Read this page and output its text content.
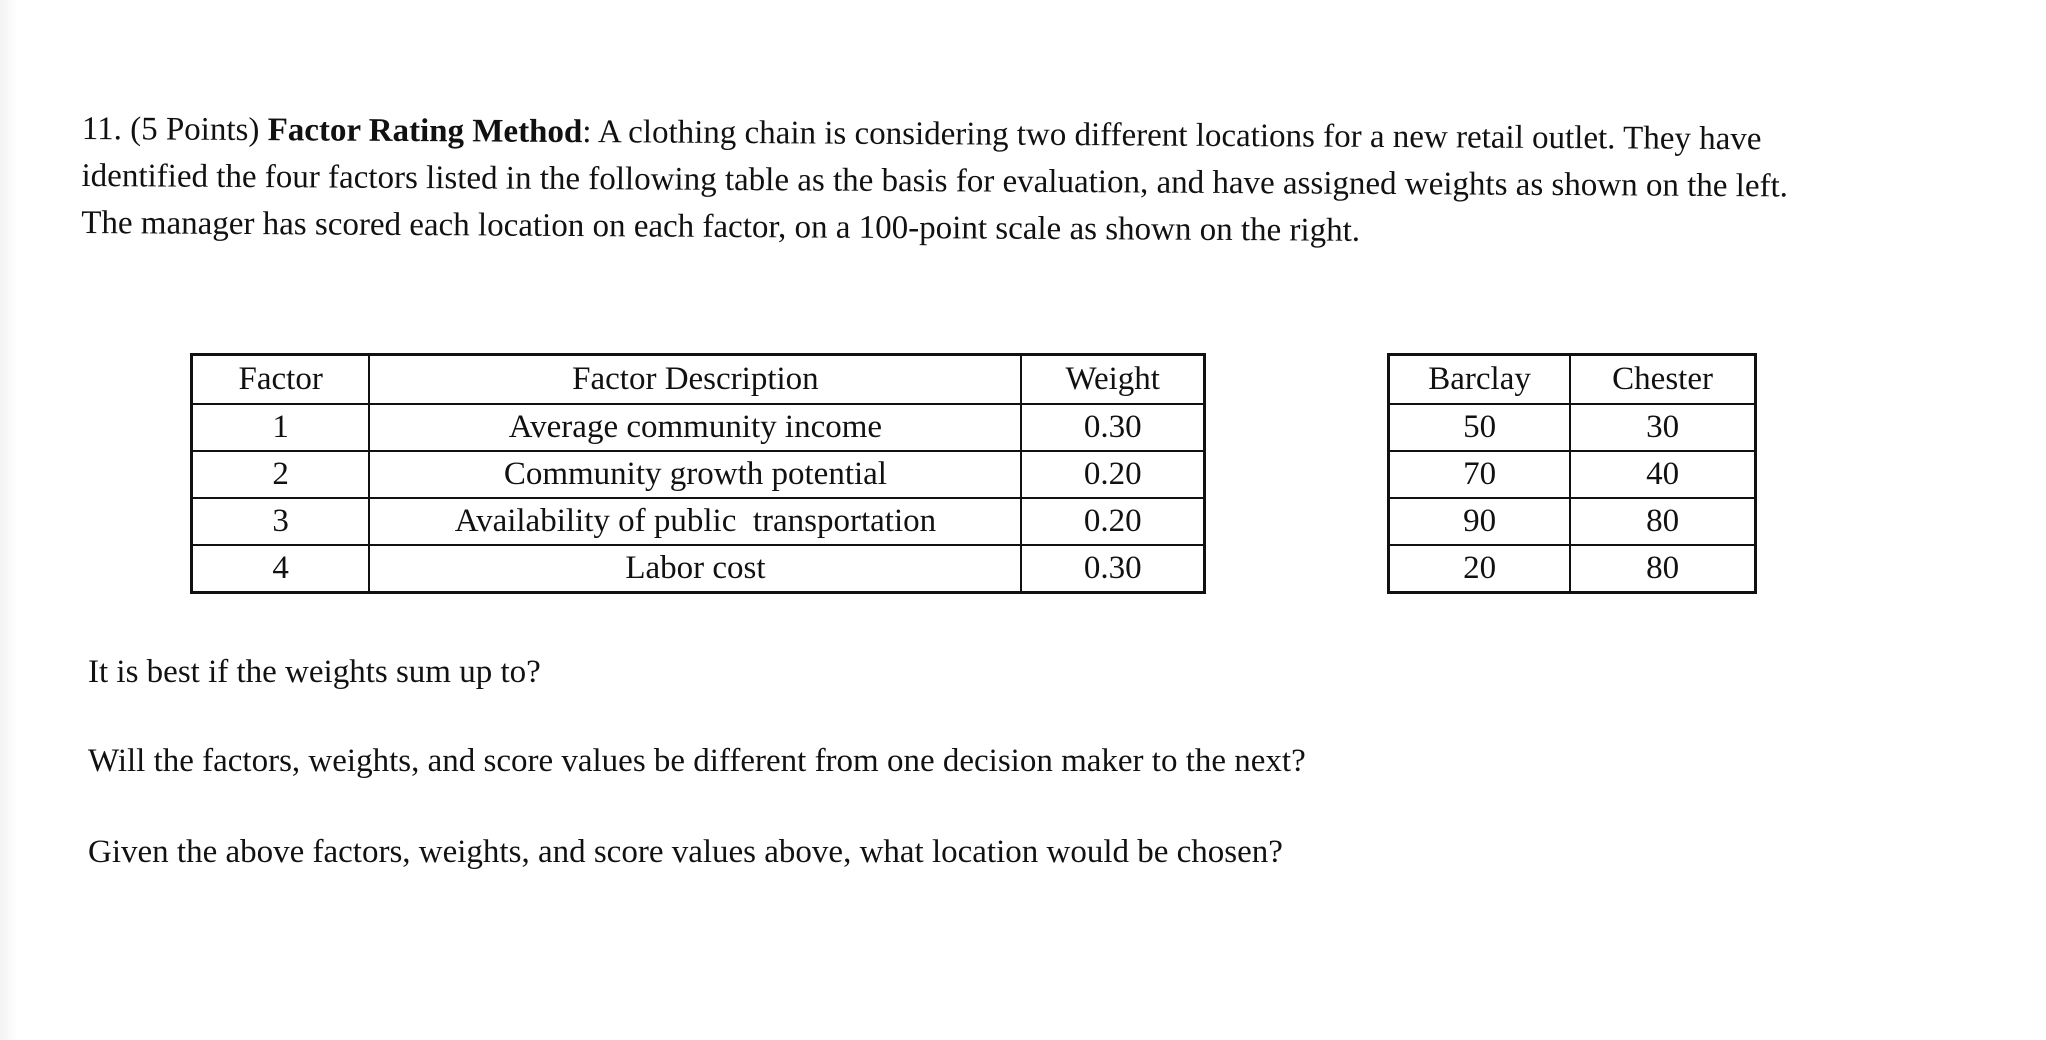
11. (5 Points) Factor Rating Method: A clothing chain is considering two different locations for a new retail outlet. They have identified the four factors listed in the following table as the basis for evaluation, and have assigned weights as shown on the left. The manager has scored each location on each factor, on a 100-point scale as shown on the right.
Factor	Factor Description	Weight
1	Average community income	0.30
2	Community growth potential	0.20
3	Availability of public  transportation	0.20
4	Labor cost	0.30
Barclay	Chester
50	30
70	40
90	80
20	80
It is best if the weights sum up to?
Will the factors, weights, and score values be different from one decision maker to the next?
Given the above factors, weights, and score values above, what location would be chosen?
